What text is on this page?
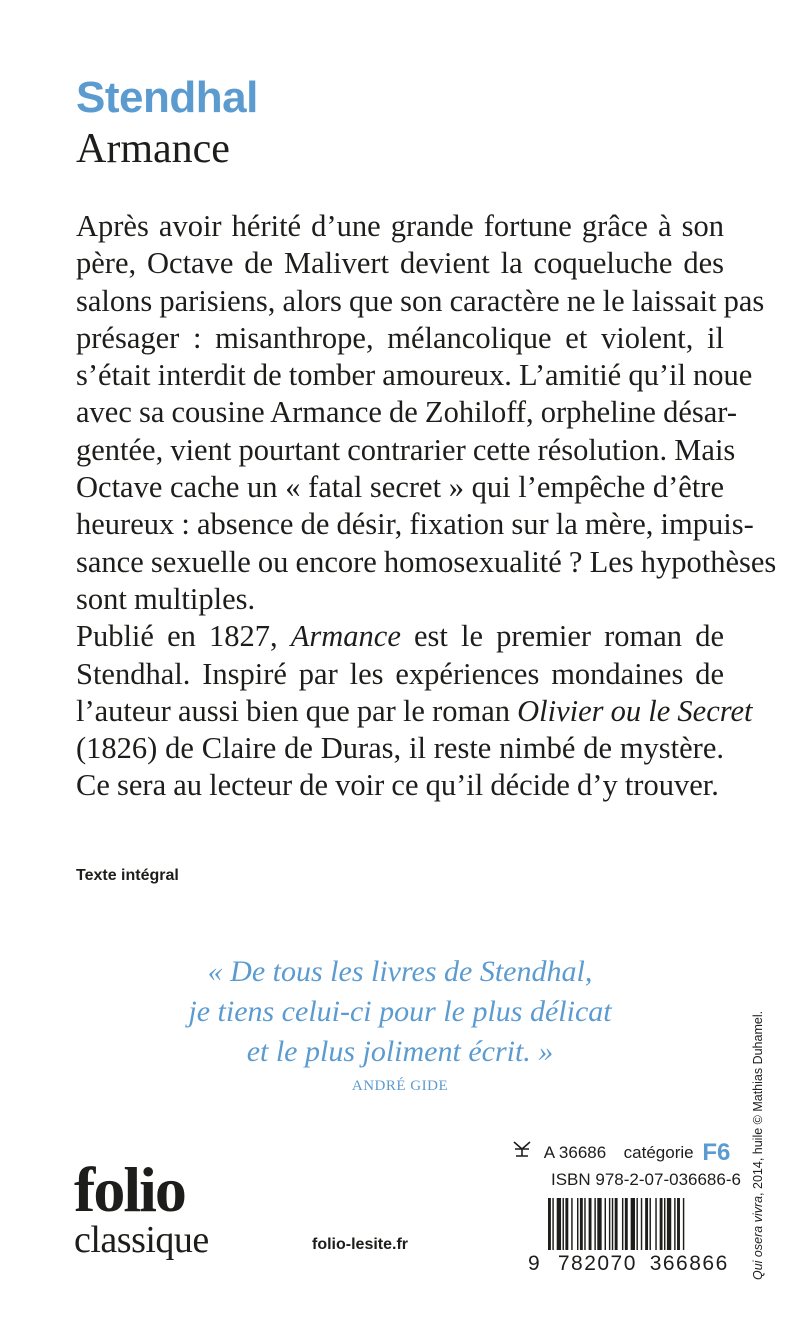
Stendhal
Armance

Après avoir hérité d’une grande fortune grâce à son
père, Octave de Malivert devient la coqueluche des
salons parisiens, alors que son caractère ne le laissait pas
présager : misanthrope, mélancolique et violent, il
s’était interdit de tomber amoureux. L’amitié qu’il noue
avec sa cousine Armance de Zohiloff, orpheline désar-
gentée, vient pourtant contrarier cette résolution. Mais
Octave cache un « fatal secret » qui l’empêche d’être
heureux : absence de désir, fixation sur la mère, impuis-
sance sexuelle ou encore homosexualité ? Les hypothèses
sont multiples.

Publié en 1827, Armance est le premier roman de
Stendhal. Inspiré par les expériences mondaines de
l’auteur aussi bien que par le roman Olivier ou le Secret
(1826) de Claire de Duras, il reste nimbé de mystère.
Ce sera au lecteur de voir ce qu’il décide d’y trouver.

Texte intégral
« De tous les livres de Stendhal,
je tiens celui-ci pour le plus délicat
et le plus joliment écrit. »
ANDRÉ GIDE
folio
classique	folio-lesite.fr
A 36686 catégorie F6
ISBN 978-2-07-036686-6
9 782070 366866	Qui osera vivra, 2014, huile © Mathias Duhamel.
